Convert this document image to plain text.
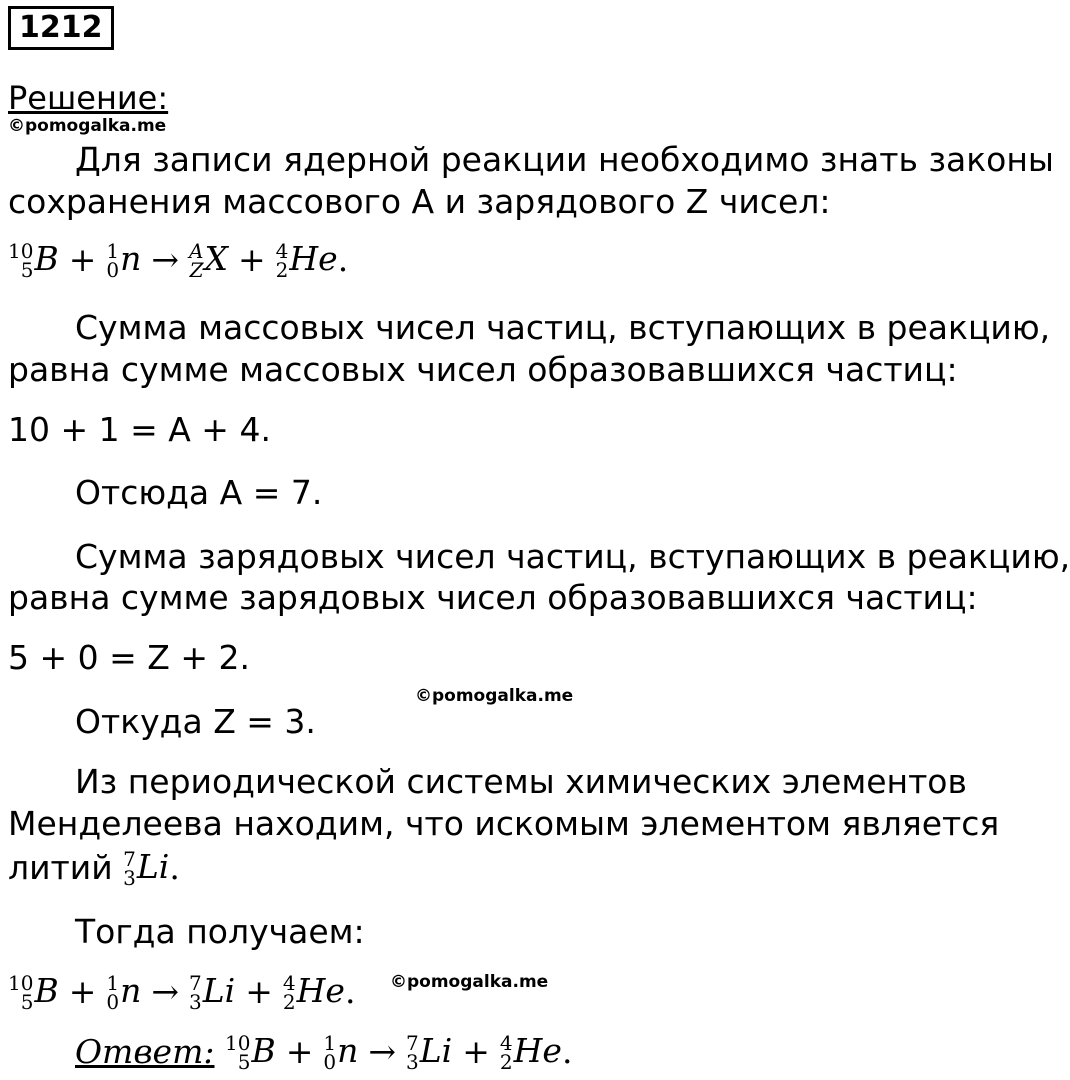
1212
Решение:
©pomogalka.me
Для записи ядерной реакции необходимо знать законы
сохранения массового A и зарядового Z чисел:
10
5 B + 1
0 n → A
Z X + 4
2 He.
Сумма массовых чисел частиц, вступающих в реакцию,
равна сумме массовых чисел образовавшихся частиц:
10 + 1 = A + 4.
Отсюда A = 7.
Сумма зарядовых чисел частиц, вступающих в реакцию,
равна сумме зарядовых чисел образовавшихся частиц:
5 + 0 = Z + 2.
©pomogalka.me
Откуда Z = 3.
Из периодической системы химических элементов
Менделеева находим, что искомым элементом является
литий 7
3 Li.
Тогда получаем:
10
5 B + 1
0 n → 7
3 Li + 4
2 He. ©pomogalka.me
Ответ: 10
5 B + 1
0 n → 7
3 Li + 4
2 He.
